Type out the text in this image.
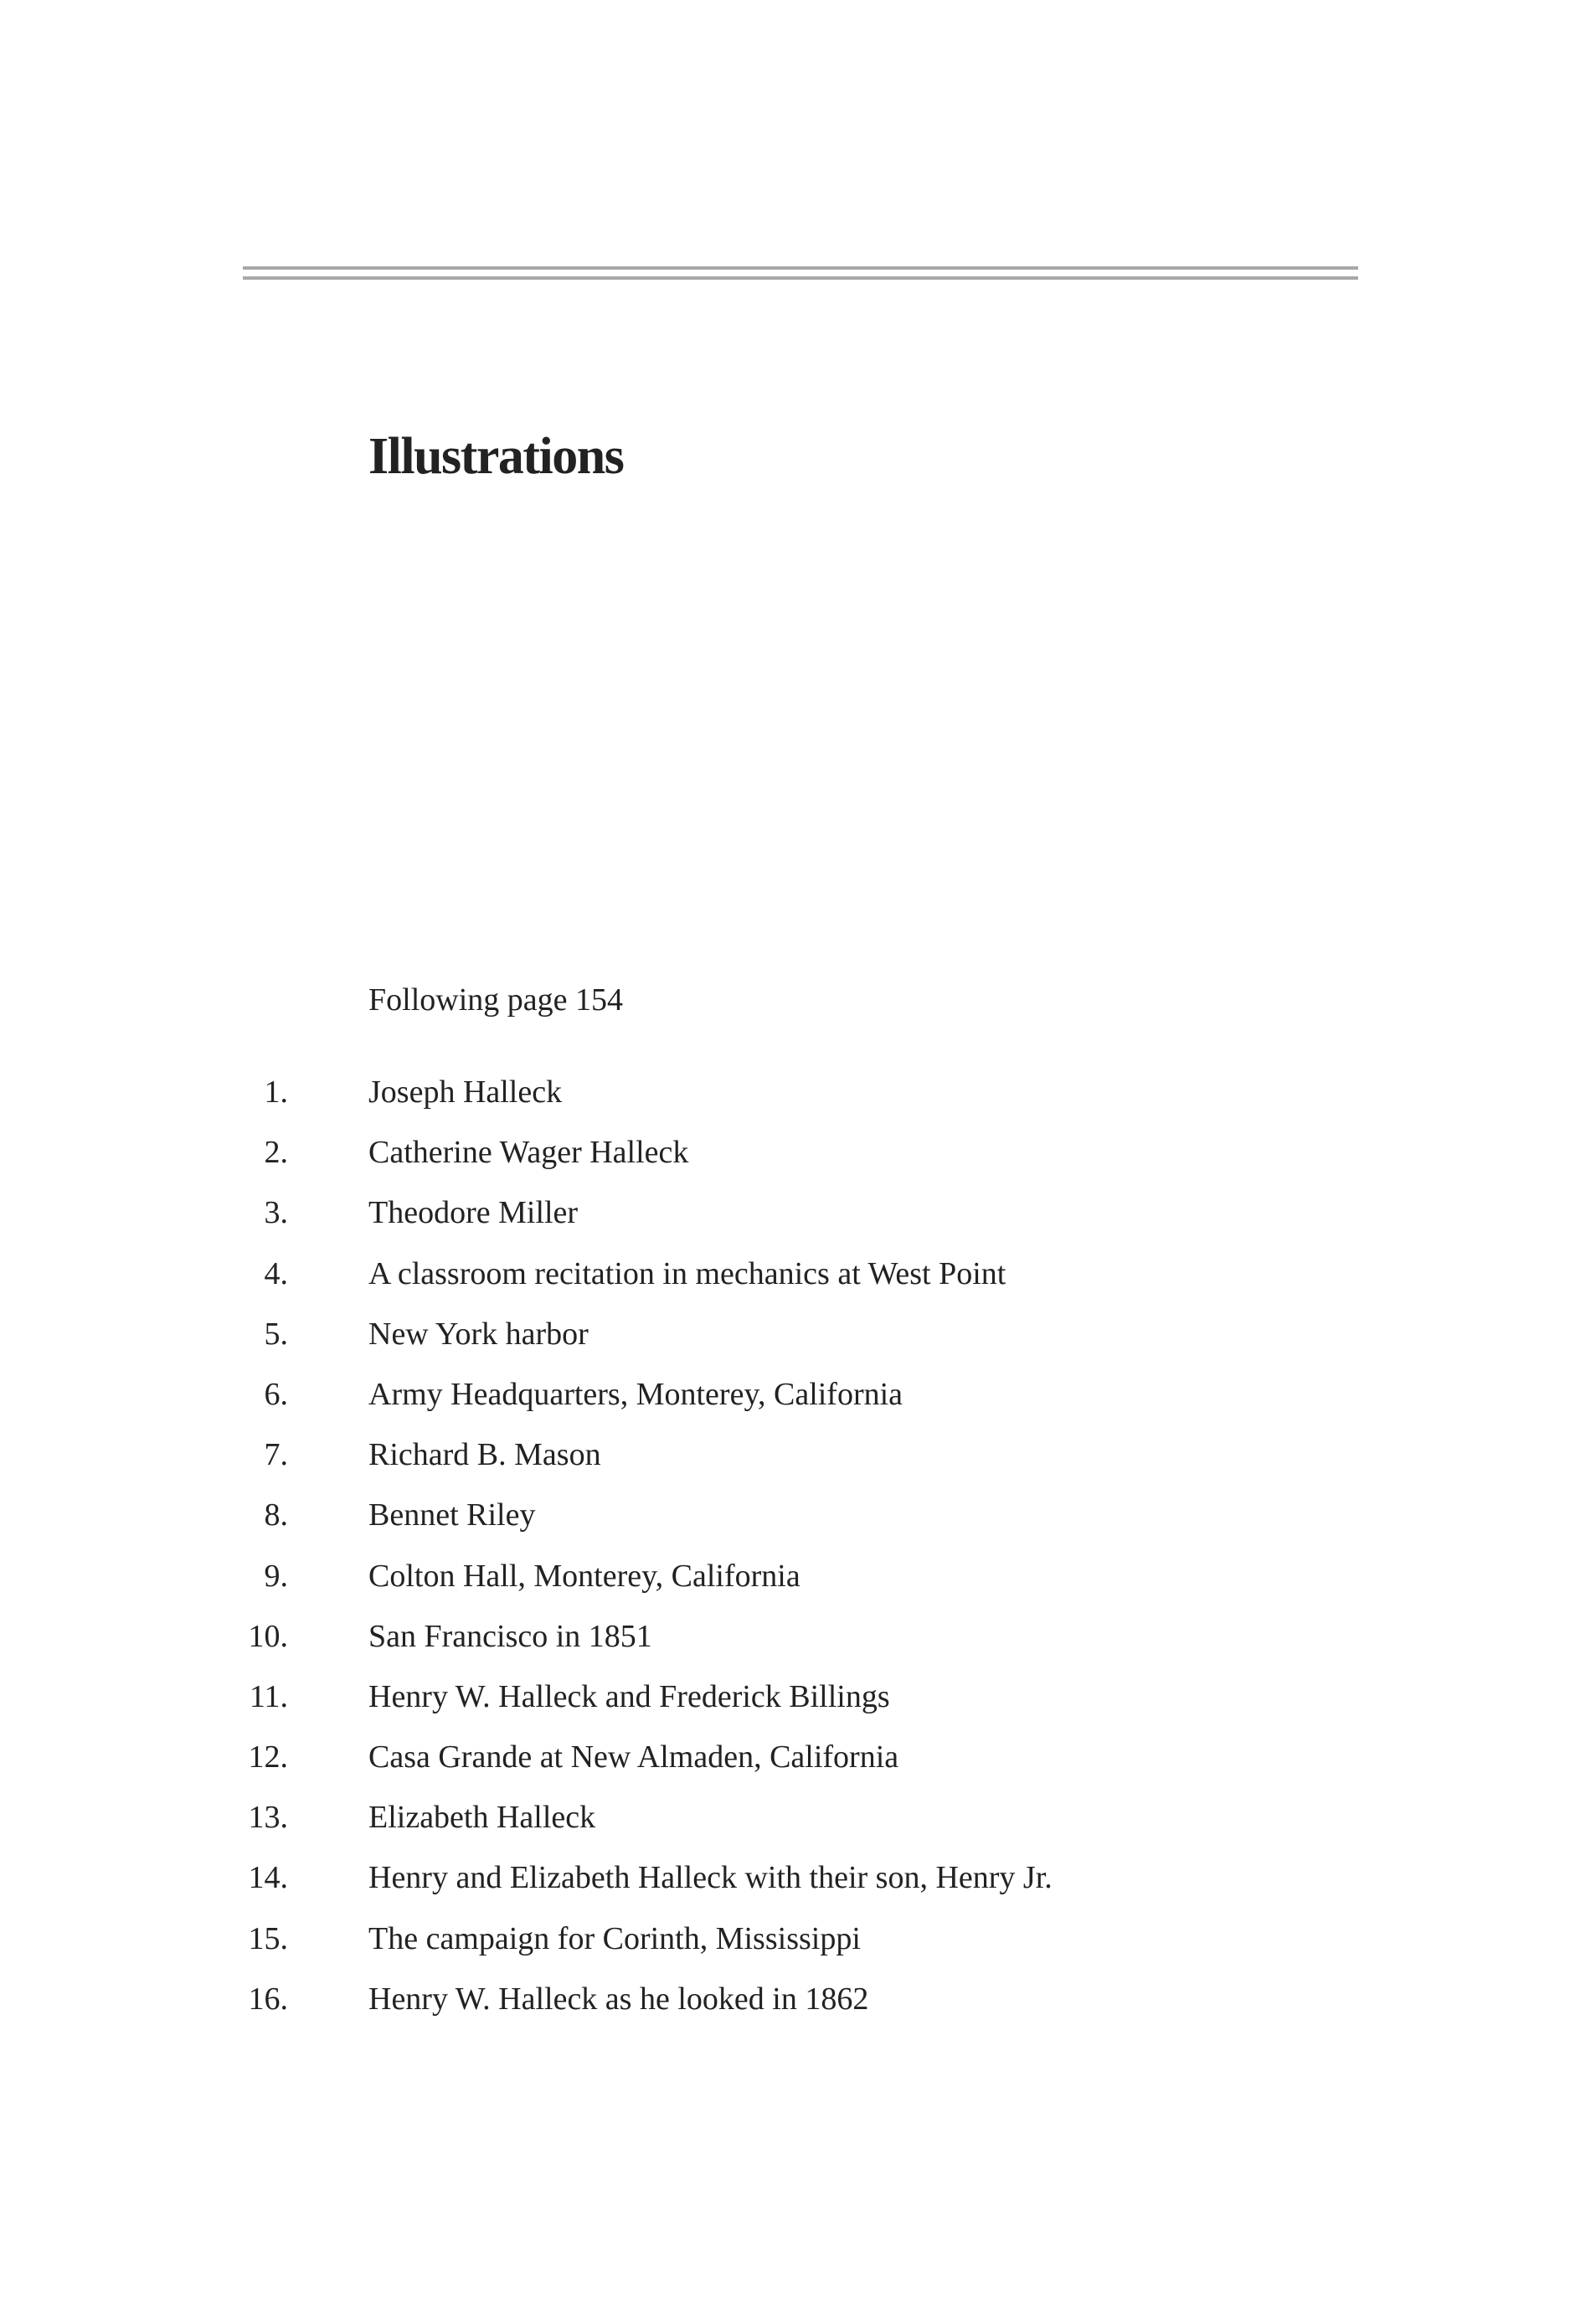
Illustrations
Following page 154
1.	Joseph Halleck
2.	Catherine Wager Halleck
3.	Theodore Miller
4.	A classroom recitation in mechanics at West Point
5.	New York harbor
6.	Army Headquarters, Monterey, California
7.	Richard B. Mason
8.	Bennet Riley
9.	Colton Hall, Monterey, California
10.	San Francisco in 1851
11.	Henry W. Halleck and Frederick Billings
12.	Casa Grande at New Almaden, California
13.	Elizabeth Halleck
14.	Henry and Elizabeth Halleck with their son, Henry Jr.
15.	The campaign for Corinth, Mississippi
16.	Henry W. Halleck as he looked in 1862
